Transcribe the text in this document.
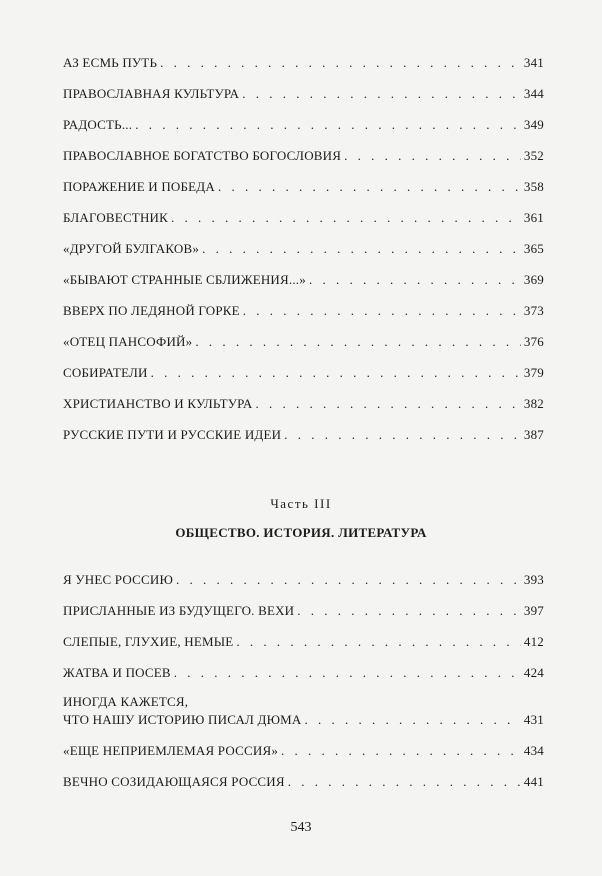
АЗ ЕСМЬ ПУТЬ . . .	341
ПРАВОСЛАВНАЯ КУЛЬТУРА . . .	344
РАДОСТЬ... . . .	349
ПРАВОСЛАВНОЕ БОГАТСТВО БОГОСЛОВИЯ . . .	352
ПОРАЖЕНИЕ И ПОБЕДА . . .	358
БЛАГОВЕСТНИК . . .	361
«ДРУГОЙ БУЛГАКОВ» . . .	365
«БЫВАЮТ СТРАННЫЕ СБЛИЖЕНИЯ...» . . .	369
ВВЕРХ ПО ЛЕДЯНОЙ ГОРКЕ . . .	373
«ОТЕЦ ПАНСОФИЙ» . . .	376
СОБИРАТЕЛИ . . .	379
ХРИСТИАНСТВО И КУЛЬТУРА . . .	382
РУССКИЕ ПУТИ И РУССКИЕ ИДЕИ . . .	387
Часть III
ОБЩЕСТВО. ИСТОРИЯ. ЛИТЕРАТУРА
Я УНЕС РОССИЮ . . .	393
ПРИСЛАННЫЕ ИЗ БУДУЩЕГО. ВЕХИ . . .	397
СЛЕПЫЕ, ГЛУХИЕ, НЕМЫЕ . . .	412
ЖАТВА И ПОСЕВ . . .	424
ИНОГДА КАЖЕТСЯ,
ЧТО НАШУ ИСТОРИЮ ПИСАЛ ДЮМА . . .	431
«ЕЩЕ НЕПРИЕМЛЕМАЯ РОССИЯ» . . .	434
ВЕЧНО СОЗИДАЮЩАЯСЯ РОССИЯ . . .	441
543
